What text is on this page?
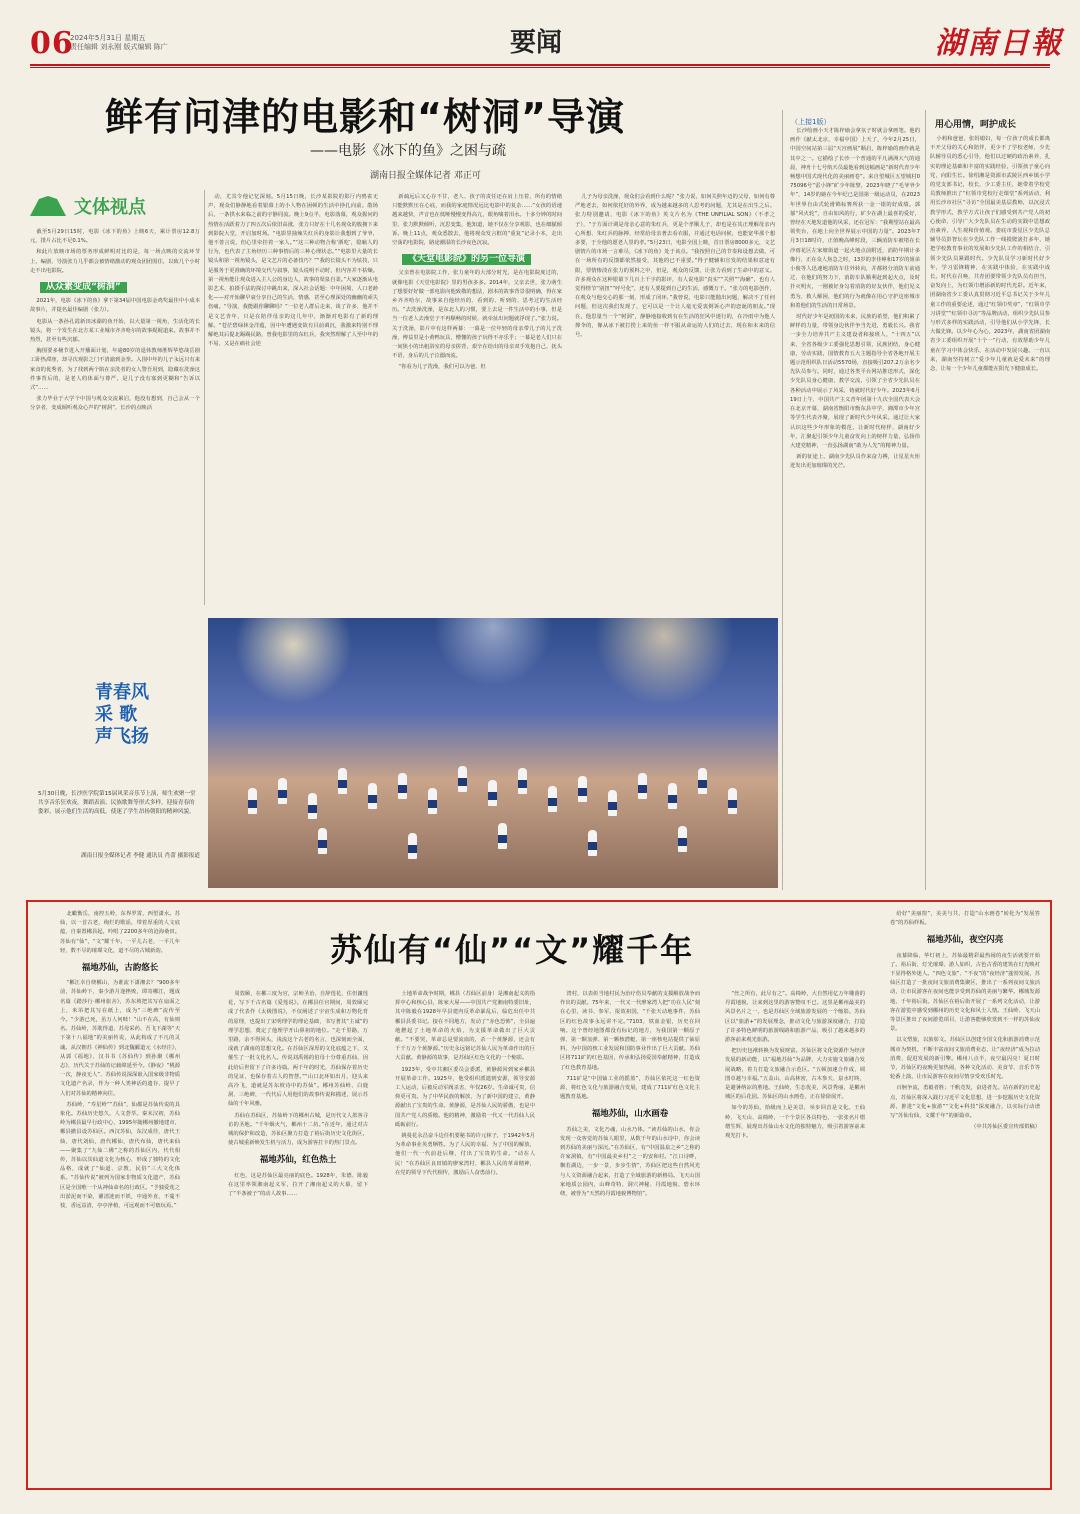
06
2024年5月31日 星期五
责任编辑 刘永刚 版式编辑 陈广	要闻	湖南日報
鲜有问津的电影和“树洞”导演
——电影《冰下的鱼》之困与疏
湖南日报全媒体记者 邓正可
文体视点

截至5月29日15时，电影《冰下的鱼》上映6天，累计票房12.8万元，排片占比不足0.1%。

和此片放映市场的票务形成鲜明对比的是，每一场点映的交流环节上，编剧、导演张力几乎都会被情绪激动的观众团团围住，以致几个小时走不出电影院。

从众素变成“树洞”

2021年，电影《冰下的鱼》拿下第34届中国电影金鸡奖最佳中小成本故事片，并提名最佳编剧（张力）。

电影从一条孙孔霞新田冰湖的鱼开始，以大量第一视角，生活化的长镜头，将一个发生在北方某工业城市齐齐哈尔的故事娓娓道来。故事并不热烈，甚至有些沉郁。

胸围要多桶节进入开播面计划，年逾80岁的退休教师胜辉华悠哉岳剧工卧热滞座，却寻次观影之门不清澈到金拳。入围中年的儿子永远只有来家食的优秀者，为了找到两个陷在亲洗者的女人警吾用到，隐藏在洗澡这件事背后的，是老人的体面与尊严，是儿子没有寡到更糊和“告诉以式”……

张力毕业于大学个中国与观众交流累启，他没有想到，自己会从一个分享者，变成倾听观众心声的“树洞”，长沙的点映活

动，尤其令他记忆深刻。5月15日晚，长沙某影院的影厅内鸦雀无声，观众们静静地看着银幕上的小人物在困顿的生活中挣扎向前。散场后，一条拱水来临之前的宇静同流。晚上9点半，电影落幕，观众握问的热情在活跃着力了四五次后依旧高涨，张力只好在十几名观众的簇拥下来到影院大堂，开启加时场。“电影里抽辣失红兵的身影让我想到了爷爷，他不善言说，但心里牵挂着一家人。”“这三种动物合称‘洒吃’，隐喻人的行为，也代表了主角经历三种事情后的三种心理状态。”“电影里大量的长镜头和第一视角镜头，是文艺片的必备技巧？”“我的长镜头不为炫技，只是服务于更准确的环境交代与叙事，镜头说明不动时，但内容并不枯燥。第一视角能让观众进入主人公的身边人，故事的渠泉自柔。”大家逐渐从电影艺术、拍摄手法的探讨中跳出来，深入社会话题：中年困境、人口老龄化——对开始聊早衰分享自己的生活，情感，甚至心理深处的幽幽的顽失伤痛。“导演，我能跟你聊聊吗？”一位老人群后走来，谈了许多，他并不是文艺青年，只是在陪伴母亲的这几年中，渐渐对电影有了新的理解。“苍茫碧绿林金洋蕴，因中年遭遇变故有目前调沉，我激来特别不理解绝其后提北踢踢民路，曾我电影里的东红兵，我突然理解了人至中年的不易，又是在痛社会逆

新疏远后又心存不甘，老人、孩子的责任还在肩上压着，所有的情绪只能默默压在心底，而我的家庭情况远比电影中的复杂……”女孩的语速越来越快，声音也在低哑慢慢变得高亢，眼角噙着泪水。十多分钟的时间里，张力默默倾听，沉思变集，他知道，她不仅在分享观影，也在细腻倾诉。晚上11点，观众悉散去，他将观众发言框的“重复”记录小本，走出空荡的电影院，路途潮湿的长沙夜色沉寂。

《天堂电影院》的另一位导演

父亲曾在电影院工作，张力童年的大部分时光，是在电影院度过的，就像电影《天堂电影院》里的男孩多多。2014年，父亲去世，张力萌生了想要好好做一部电影向他致敬的想法，剧本的故事背景很明确，得在家乡齐齐哈尔，故事来自他经历的、看到的、听到的、思考过的生活经历。“去洗澡洗澡，是东北人的习惯，要上去是一件生活中的小事，但是当一位老人去澡堂子不再顺畅的时候，就牵扯出问题就浮现了。”张力说。关于洗澡，影片中有这样两幕：一幕是一位年轻的母亲带儿子的儿子洗澡，傅益里是小黄鸭玩具，懵懂的孩子玩得不亦乐乎；一幕是老人们只在一间狭小的出租浴室的母亲搓背，艰辛在给出的母亲双手发抱自己，抚头不语，身后的儿子泣溺而流。

“你看为儿子洗澡，我们可以为爸、但

儿子为母亲洗澡，观众们会看到什么呢？”张力说，如何关照年迈的父母，如何有尊严地老去，如何依托好的外界，成为越来越多的人思考的问题，尤其是在出生之后。张力特别邀请，电影《冰下的鱼》英文片名为《THE UNFILIAL SON》（不孝之子），“于方面计调是母亲心意的朱红兵，更是个孝顺儿子，却也是在其正理解母亲内心所想、朱红兵的脉搏，经常给母亲著去看衣服，并通过电话问候，也能宽华那个想多要，于全他的愿老人里的孝。”5月23日，电影全国上映，首日票房8000多元，文艺剧情片的市场一言难尽，《冰下的鱼》处于该点。“我按照自己的节奏和设想去做，可在一场所有的反馈都依然接受，其他的已不重要。”得子健辅和宣发的结果和意途有限，票情惨淡在张力的预料之中，但是，观众的反馈，让张力看到了生命中的意义。许多观众在这种银幕下几百上千字的影评，有人说电影“真实”“关照”“海确”，也有人觉得情节“别扭”“呼号化”，还有人要提到自己的生活，感慨万千。“张力的电影创作，在观众与他交心的那一刻，形成了闭环，”我曾说，电影只能抛出问题，解决不了任何问题，但这次我们发现了，它可以是一个让人毫无爱衷倒诉心声的恋诞的朋友。”现在，他思量当一个“树洞”，静静地接收到有在生活的狂风中迷行的，在冷雨中为他人撑伞的，像从冰下被打捞上来的鱼一样不服从命运的人们的过去，现在和未来的信号。

（上接1版）

长沙绘画小天才陈梓瑜会拿氛子时就会拿画笔。他的画作《献太北京，幸福中国》上天了，今年2月25日，中国空间站第三届“天宫画展”顺启，陈梓瑜的画作就是其中之一。它描绘了长沙一个普通的平凡满洲大气的通晨，神舟十七号航天员最他看到这幅画是“新时代青少年畅想中国式现代化的美丽画卷”。来自望城区五望城村075096号“雷小锋”矿少年陈黎，2023年晓了“毛爷爷少年”，14岁的她在今年纪已是国第一级运动员，在2023年世界自由式轮滑锦标赛所获一金一银的好成绩。郭郁“风火轮”，自由如风的行，矿少在湖上最喜的爱好，曾经在天地发道他的风采，还在冠军：“我期望站在最高领奖台，在地上向全世界展示中国的力量”。2023年7月3日18时许，正值晚高峰时段，三辆消防车被堵在长沙雨花区左家塘街道一起火地点前附近，消防年期计多像行，正在众人焦急之时，13岁的李佳峥和17岁的姐弟小俊等人迅速地消防车往外转向，并都将分消防车前通过，在他们的努力下，消防车队顺利赶到起火点，及时扑灭明火，一刚被好身勾着消防的好友伙伴，他们见义勇为，救人解困，他们的行为就像在用心守护这座城市和着他们的生活的日常场景。

时代好少年是初国的未来，民族的希望，他们积累了鲜样的力量，带领身边伙伴争当先进，勇毅长兴。我省一步全力培养共产主义建设者和接班人，“十四五”以来，全省各级少工委强化思想引领，民族团结，身心健康，劳动实践，国情教育五大主题指导全省各地开展主题示范组织队日活动5570场，直接吸引207.2万余名少先队员参与。同时，通过各类平台网站推送形式，深化少先队员身心健康，教学交流，引领了全省少先队员在各种活动中展示了风采，铸就时代好少年。2023年6月19日上午，中国共产主义青年团第十九次全国代表大会在北京开幕，湖南省衡阳市衡东县中学，湘潭市少年宫等学生代表齐聚，展现了新时代少年风采。通过让大家认识这些少年形象的模范，让新时代榜样、湖南好少年，汇聚起引领少年儿童奋发向上的榜样力量，弘扬伟大建党精神，一直弘扬湖南“敢为人先”的精神力量。

新的征途上，湖南少先队员作来奋力搏，让星星火炬迸发出更加璀璨的光芒。

用心用情，呵护成长

小莉和爸爸，张妈媳妇，每一位孩子的成长都离不开父母的关心和陪伴，更少不了学校老师，少先队辅导员的悉心引导，他们以过硬的政治素养，扎实的理论基础和丰富的实践经验，引领孩子童心向党，向阳生长。徐绍湘是资源市武陵区西乡镇小学的党支部书记，校长，少工委主任，她带着学校党员教师推出了“红领巾党校行走课堂”系列活动，利用长沙市社区“寻访”全国最美基层教师，以沉浸式教学形式，教学方式让孩子们感受到共产党人的初心使命，引导广大少先队员在生动的实践中思想政治素养，人生观和价值观。娄底市娄星区少先队总辅导员彭智坛在少先队工作一线摸爬滚打多年，她把学校教育事业的发展和少先队工作的相结合，引领少先队员紧跟时代。少先队员学习新时代好少年，学习雷锋精神，在实践中体验，在实践中成长。时代在召唤，共青团要带领少先队员有担当，奋发向上，为红领巾增添新的时代光彩。近年来，团湖南省少工委认真贯彻习近平总书记关于少年儿童工作的重要论述，通过“红领巾奖章”，“红领巾学习讲堂”“红领巾寻访”等品牌活动，组织少先队员参与形式多样的实践活动，引导他们从小学先锋，长大做先锋。以少年心为心，2023年，湖南省团湖南省少工委组织开展“十个一”行动，有效帮助少年儿童在学习中体会快乐，在活动中发展兴趣。一直以来，湖南坚持树立“爱少年儿童就是爱未来”的理念，让每一个少年儿童都能在阳光下健康成长。

青春风采 歌声飞扬
5月30日晚，长沙医学院第15届风采音乐节上演，师生欢聚一堂共享音乐狂欢夜。舞蹈表演、民族歌舞等形式多样，迎接青春的姿彩，展示他们生活的高低，使迷了学生昂扬朝阳的精神风貌。
湖南日报全媒体记者 李健 通讯员 肖蕾 摄影报道
苏仙有“仙”“文”耀千年

北瞰衡岳，南控五岭，东界罗霄，西望潇水。苏仙，以一首古老，绚烂的歌谣，带着厚重的人文底蕴，自秦置郴县起，吟唱了2200多年的沧海桑田。苏仙有“仙”，“文”耀千年。一平儿古老，一平儿年轻，数不尽的璀璨文化，道不尽的古城新韵。

福地苏仙，古韵悠长

“郴江幸自绕郴山，为谁流下潇湘去？”900多年前，苏仙岭下，秦少游月逢挫败，谭寄郴江，题成名篇《踏莎行·郴州旅舍》，苏东坡把其写在扇面之上，米芾把其写在纸上，成为“三绝碑”流传至今。“少游已死，虽万人何赎！”山不在高，有仙则名。苏仙岭，苏耽得道、苏母采药、吾飞下湖等“天下第十八福地”的美丽传说，从此构成了不凡的灵魂。从汉朝苏《神仙传》到北魏郦道元《水经注》，从郭《福地》、汉书书《苏仙传》到孙聚《郴州志》，历代关于苏仙的记载绵延至今。《静夜》“桃源一次，静夜无人”、苏仙传说深深嵌入国家级非物质文化遗产名录，作为一种人类神话的遗存，提早了人们对苏仙的精神向往。

苏仙岭，“寿星岭”“苏仙”，仙都是苏仙传说的具象化。苏仙历史悠久，人文荟萃。秦末汉初，苏仙岭为郴县最早行政中心，1995年随郴州撤地建市，郴县撤县设苏仙区。西汉苏仙，东汉成佳，唐代王仙，唐代刘仙，唐代郴仙，唐代布仙，唐代来仙——聚集了“九仙二佛”之称的苏仙区内，代代相传，苏仙以其仙道文化为核心，形成了独特的文化品格，成就了“仙道、宗教、民俗”三大文化体系。“苏仙传说”被列为国家非物质文化遗产，苏仙区是全国唯一个从神仙命名的行政区。“予独爱莲之出淤泥而不染，濯清涟而不妖，中通外直，不蔓不枝，香远益清，亭亭净植，可远观而不可亵玩焉。”

周敦颐，在郴三度为官，宗师圣治，自辞莲花，住但濂莲花，写下千古名篇《爱莲说》。在郴县任官期间，周敦颐完成了代表作《太极图说》，不仅阐述了宇宙生成和万物化育的原理，也提出了宋明理学的理论基础，书写著其“主诚”的理学思想，奠定了他理学开山鼻祖的地位。“走千里路，万里路，余不得回头，浅流这个古老的名言，也深刻而全面，成就了湖南的思想文化。在苏仙区深厚的文化底蕴之下，又催生了一批文化名人。传说刘禹锡的伯母十分尊重苏仙，因此给后世留下了许多诗篇。两千年的时光，苏仙保存着历史的见证，也保存着古人的智慧。”“山口北环如出月，迎头来高冷飞，道就是苏东坡诗中的苏仙”。郴州苏仙岭、白鹿洞、三绝碑，一代代后人用他们的故事传说和描述，展示苏仙的千年风雅。

苏仙在苏仙区，苏仙岭下的郴州古城，是历代文人墨客寻访的圣地。“千年烟火气，郴州十二坊。”在近年，通过对古城的保护和改造，苏仙区聚力打造了裕后街历史文化街区，使古城重新焕发生机与活力，成为游客打卡的热门景点。

福地苏仙，红色热土

红色，这是苏仙区最亮丽的底色。1928年，朱德、陈毅在这里率领湘南起义军，拉开了湘南起义的大幕，留下了“半条被子”的动人故事……

土地革命战争时期，郴县（苏仙区前身）是湘南起义的指挥中心和核心县，陈家大屋——中国共产党湘南特委旧址，其中陈毅在1928年早县建内反革命暴乱后，临危出任中共郴县县委书记。接在不同地方，发动了“赤色恐怖”，全县遍地燃起了土地革命的火焰，为支援革命做出了巨大贡献。“不要哭，革命总是要流血的，杀一个黄静源，还会有千千万万个黄静源。”历史永远铭记苏仙人民为革命作出的巨大贡献。黄静源的故事，是苏仙区红色文化的一个缩影。

1923年，受中共湘区委员会委派，黄静源回到家乡郴县开展革命工作。1925年，他受组织派遣到安源，领导安源工人运动，后被反动军阀杀害，年仅26岁。生命诚可贵，信仰更可贵。为了中华民族的解放，为了新中国的建立，黄静源献出了宝贵的生命。黄静源，是苏仙人民的骄傲，也是中国共产党人的骄傲。他的精神，激励着一代又一代苏仙人民砥砺前行。

姚曼花永昌奋斗边任机要秘书的许元林子，于1942年5月为革命事业英勇牺牲。为了人民的幸福、为了中国的解放，他们一代一代前赴后继，付出了宝贵的生命。“动在人民！”在苏仙区良田镇的廖家湾村、郴县人民的革命精神，在党的领导下代代相传，激励后人奋勇前行。

湾村，以表彰当地村民为治疗伤员奉献的支援解放战争而作出的贡献。75年来，一代又一代廖家湾人把“功在人民”刻在心里，读书、参军、报效祖国，“千张天动地事件，苏仙区的红色故事永远讲不完。”7103，铁血金银，历史在回响。这个曾经地图都没有标记的地方，为我国第一颗原子弹、第一颗氢弹、第一颗核潜艇、第一座核电站提供了铀原料，为中国的核工业发展和国防事业作出了巨大贡献。苏仙区将711矿的红色基因，传承和弘扬爱国奉献精神，打造成了红色教育基地。

711矿是“中国铀工业的摇篮”，苏仙区依托这一红色资源，将红色文化与旅游融合发展，建成了711矿红色文化主题教育基地。

福地苏仙，山水画卷

苏仙之美，文化乃魂，山水乃体。“读苏仙的山水，你会发现一众客觉的苏仙人眼里，从数千年的山水诗中，你会读到苏仙的美丽与深沉。”在苏仙区，有“中国温泉之乡”之称的许家洞镇，有“中国最美乡村”之一的安和村。“江口诗畔，飘若湖边，一步一景，步步生情”，苏仙区把这些自然风光与人文资源融合起来，打造了全域旅游的新格局。飞天山国家地质公园内，山峰奇特、洞穴神秘、丹霞地貌、碧水环绕，被誉为“天然的丹霞地貌博物馆”。

“丝之所有，此尽有之”。高椅岭，大自然用亿万年雕凿的丹霞地貌，让来到这里的游客赞叹不已。这里是郴州最美的风景名片之一，也是苏仙区全域旅游发展的一个缩影。苏仙区以“旅游+”的发展理念，推动文化与旅游深度融合，打造了许多特色鲜明的旅游线路和旅游产品，吸引了越来越多的游客前来观光旅游。

把历史包袱转换为发展财富。苏仙区将文化资源作为经济发展的新动能，以“福地苏仙”为品牌，大力实施文旅融合发展战略，着力打造文旅融合示范区。“五顿加速合作成，调图卓越与幸福。”五盖山、山高林密，古木参天、泉水叮咚，是避暑纳凉的胜地。王仙岭，生态优美，风景秀丽，是郴州城区的后花园。苏仙区的山水画卷，正在徐徐展开。

如今的苏仙，拾级而上是美景，举步回首是文化。王仙岭、飞天山、高椅岭，一个个景区各具特色，一张张名片熠熠生辉，展现出苏仙山水文化的独特魅力，吸引着游客前来观光打卡。

给好“美丽窗”，美美与共，打造“山水画卷”转化为“发展答卷”的苏仙样板。

福地苏仙，夜空闪亮

夜幕降临，华灯初上，苏仙最精彩最热闹的夜生活就要开始了。裕后街，灯光璀璨、游人如织，古色古香的建筑在灯光映衬下显得格外迷人。“四色文旅”、“不夜”的“夜经济”蓬勃发展，苏仙区打造了一批夜间文旅消费集聚区，推出了一系列夜间文旅活动，让市民游客在夜间也能享受到苏仙的美丽与繁华。郴城发源地，千年裕后街。苏仙区在裕后街开展了一系列文化活动，让游客在游览中感受到郴州的历史文化和风土人情。王仙岭、飞天山等景区推出了夜间游览项目，让游客能够欣赏到不一样的苏仙夜景。

以文塑旅，以旅彰文。苏仙区以创建全国文化和旅游消费示范城市为契机，不断丰富夜间文旅消费业态，让“夜经济”成为拉动消费、促进发展的新引擎。郴州八点半，夜空最闪亮！夏日时节，苏仙区的夜晚更加热闹，各种文化活动、美食节、音乐节等轮番上演，让市民游客在夜间尽情享受欢乐时光。

百舸争流，勇毅者胜；千帆竞发，奋进者先。站在新的历史起点，苏仙区将深入践行习近平文化思想，进一步挖掘历史文化资源，推进“文化+旅游”“文化+科技”深度融合，以实际行动谱写“苏仙有仙，文耀千年”的新篇章。

（中共苏仙区委宣传部供稿）
